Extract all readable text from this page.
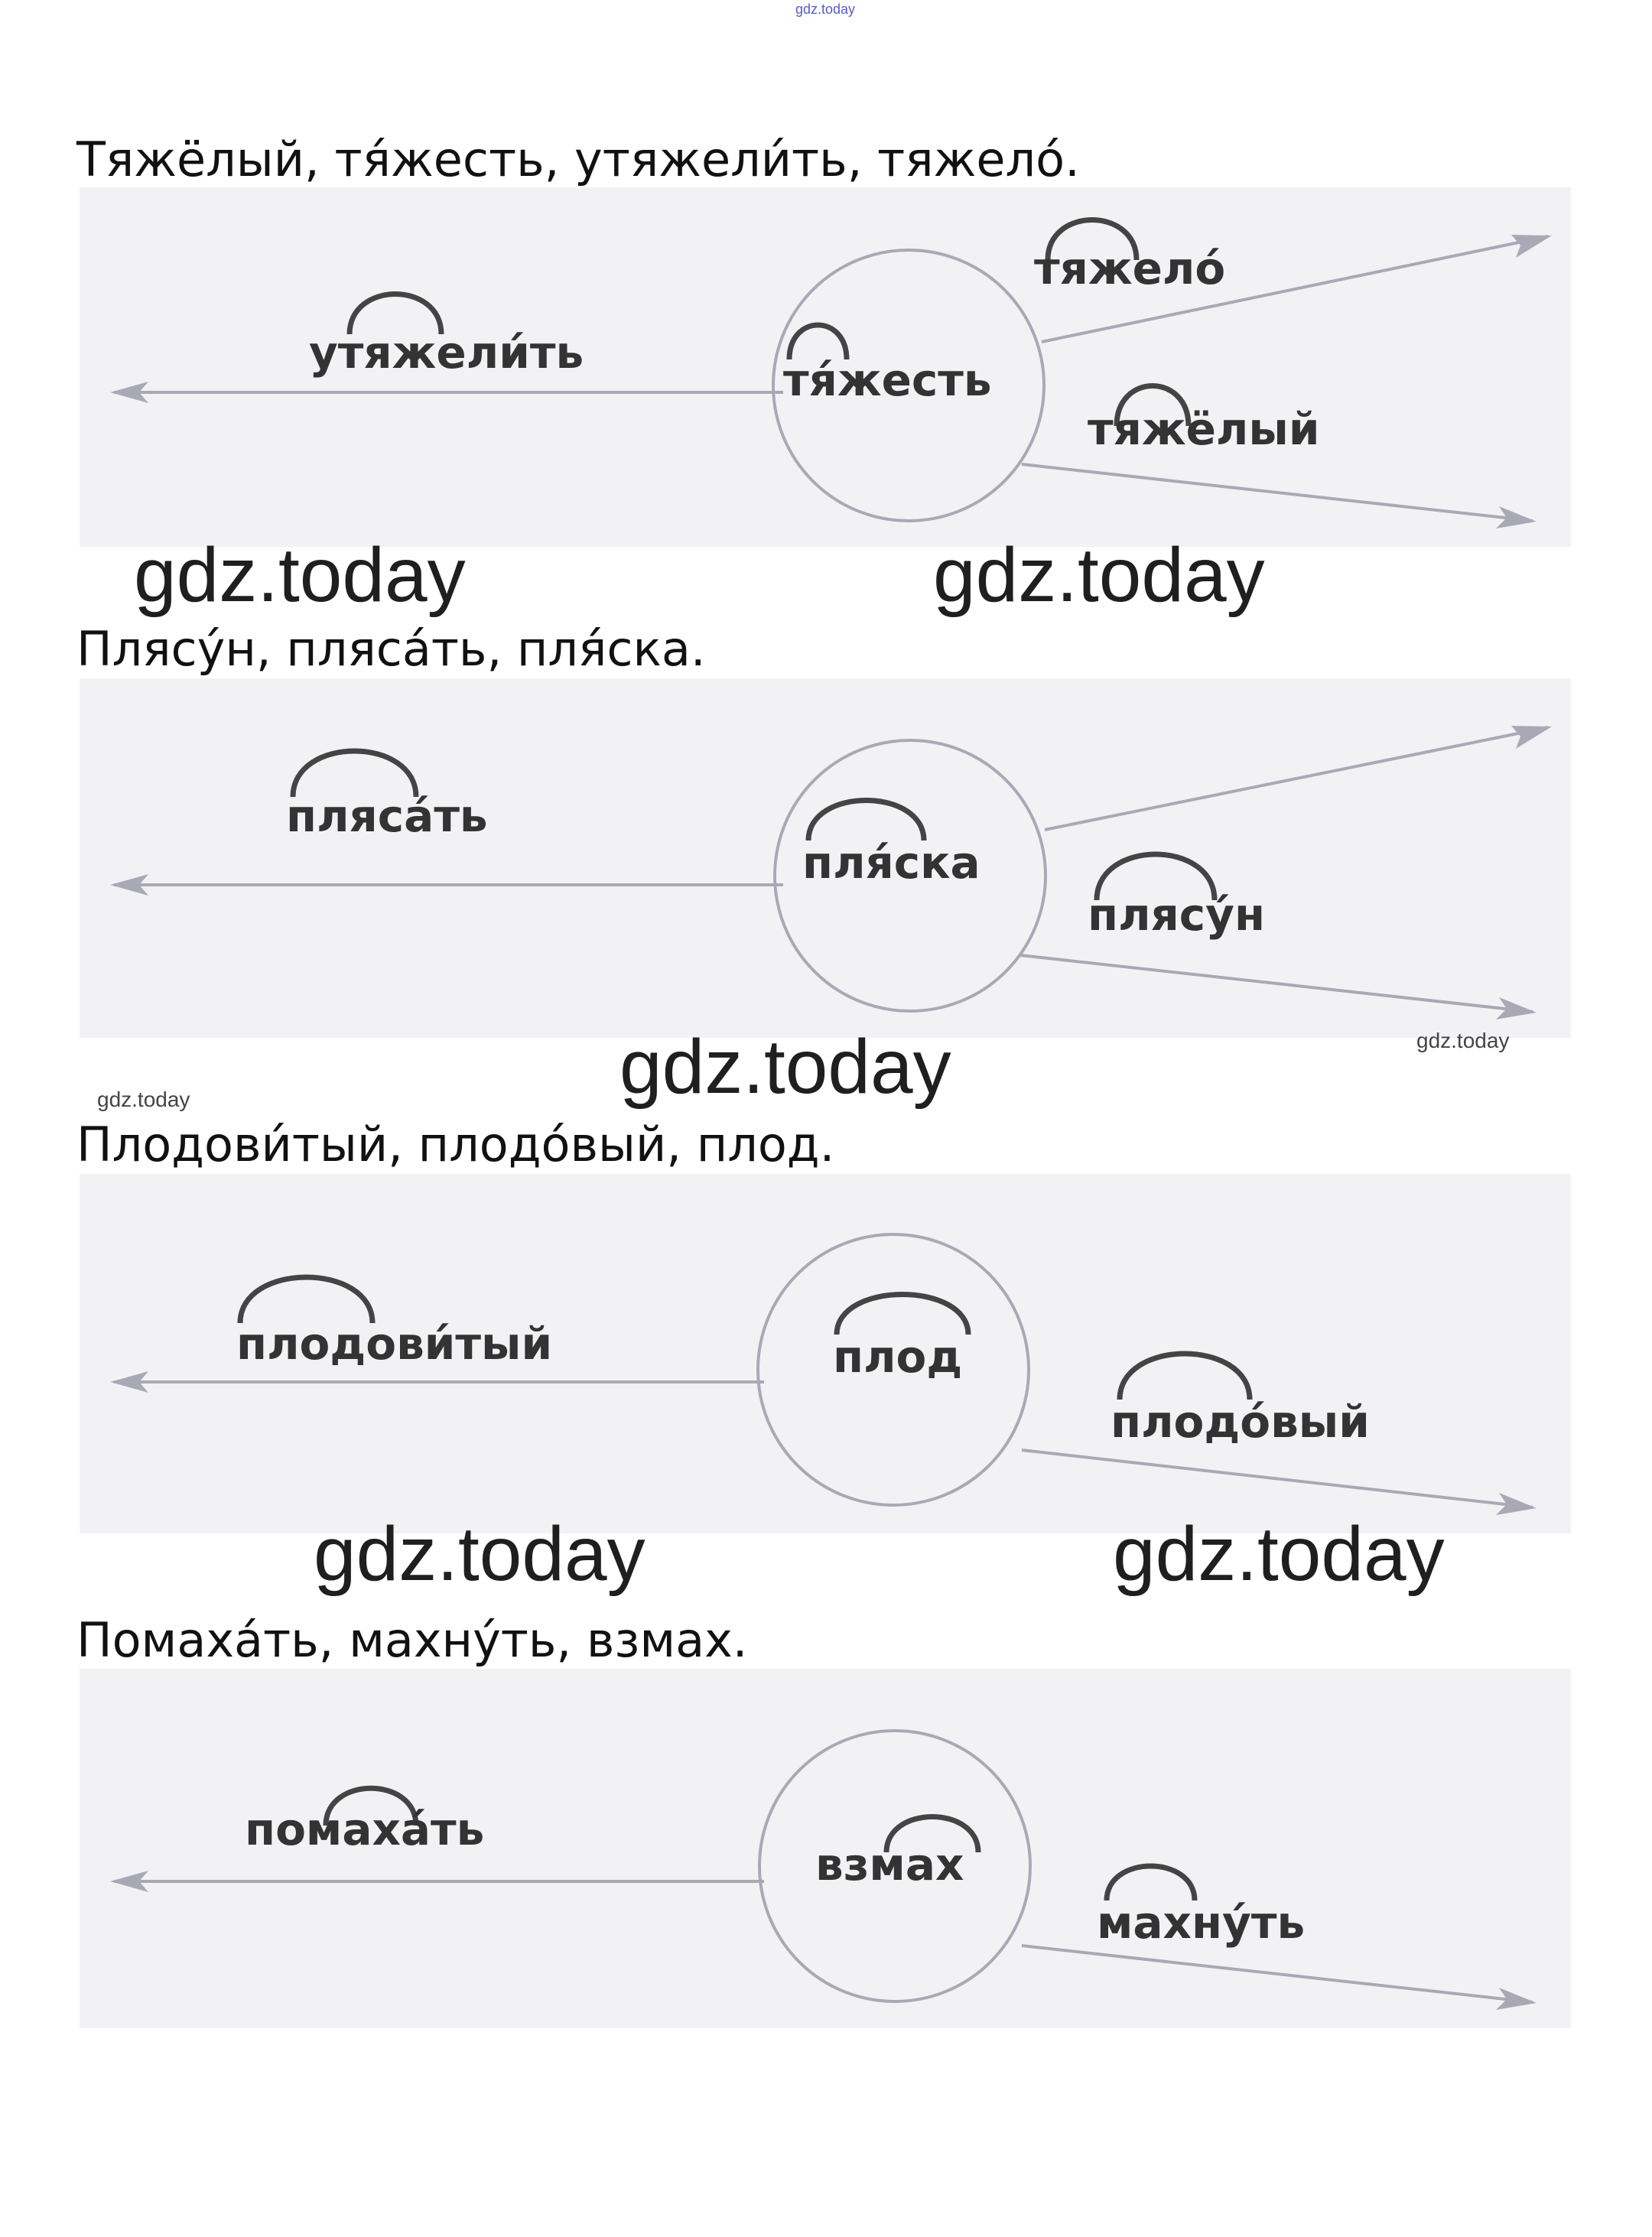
gdz.today
Тяжёлый, тя́жесть, утяжели́ть, тяжело́.
утяжели́ть
тя́жесть
тяжело́
тяжёлый
gdz.today	gdz.today
Плясу́н, пляса́ть, пля́ска.
пляса́ть
пля́ска
плясу́н
gdz.today
gdz.today
gdz.today
Плодови́тый, плодо́вый, плод.
плодови́тый	плод
плодо́вый
gdz.today	gdz.today
Помаха́ть, махну́ть, взмах.
помаха́ть
взмах
махну́ть
